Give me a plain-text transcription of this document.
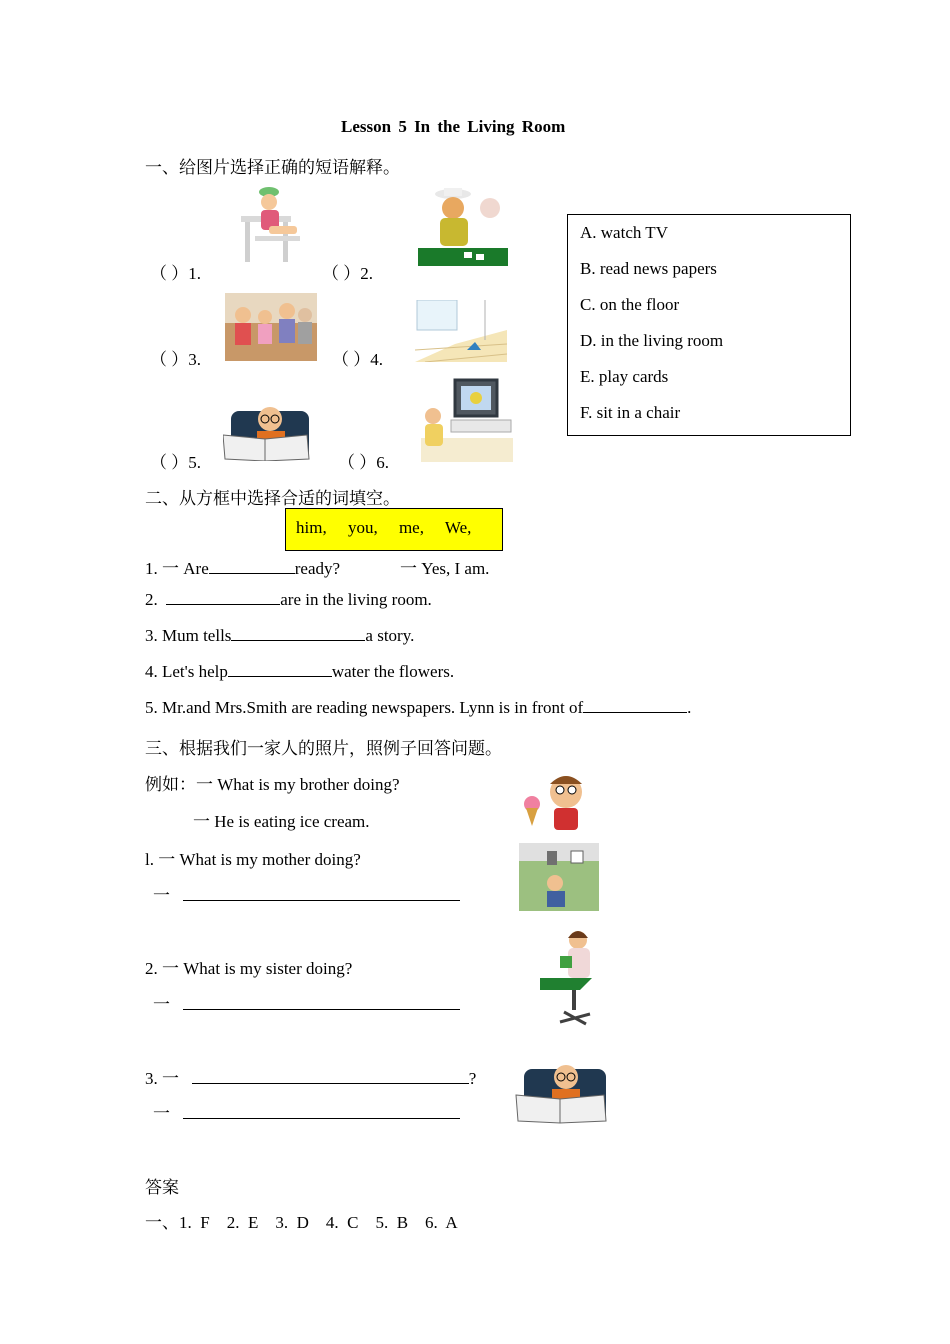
Lesson 5 In the Living Room
一、给图片选择正确的短语解释。
（ ）1.	（ ）2.
（ ）3.	（ ）4.
（ ）5.	（ ）6.
A. watch TV
B. read news papers
C. on the floor
D. in the living room
E. play cards
F. sit in a chair
二、从方框中选择合适的词填空。
him,     you,     me,     We,
1. 一 Are	ready?	一 Yes, I am.
2.	are in the living room.
3. Mum tells	a story.
4. Let's help	water the flowers.
5. Mr.and Mrs.Smith are reading newspapers. Lynn is in front of	.
三、根据我们一家人的照片，照例子回答问题。
例如：一 What is my brother doing?
一 He is eating ice cream.
l. 一 What is my mother doing?
一
2. 一 What is my sister doing?
一
3. 一	?
一
答案
一、1.  F    2.  E    3.  D    4.  C    5.  B    6.  A
